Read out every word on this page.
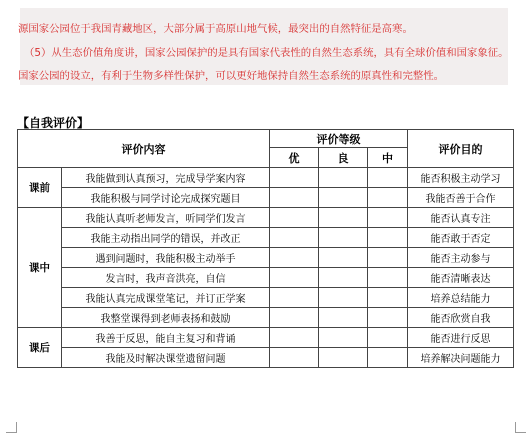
源国家公园位于我国青藏地区，大部分属于高原山地气候，最突出的自然特征是高寒。
（5）从生态价值角度讲，国家公园保护的是具有国家代表性的自然生态系统，具有全球价值和国家象征。
国家公园的设立，有利于生物多样性保护，可以更好地保持自然生态系统的原真性和完整性。
【自我评价】
评价内容		评价等级			评价目的
		优	良	中	
课前	我能做到认真预习，完成导学案内容				能否积极主动学习
	我能积极与同学讨论完成探究题目				我能否善于合作
课中	我能认真听老师发言，听同学们发言				能否认真专注
	我能主动指出同学的错误，并改正				能否敢于否定
	遇到问题时，我能积极主动举手				能否主动参与
	发言时，我声音洪亮，自信				能否清晰表达
	我能认真完成课堂笔记，并订正学案				培养总结能力
	我整堂课得到老师表扬和鼓励				能否欣赏自我
课后	我善于反思，能自主复习和背诵				能否进行反思
	我能及时解决课堂遗留问题				培养解决问题能力
